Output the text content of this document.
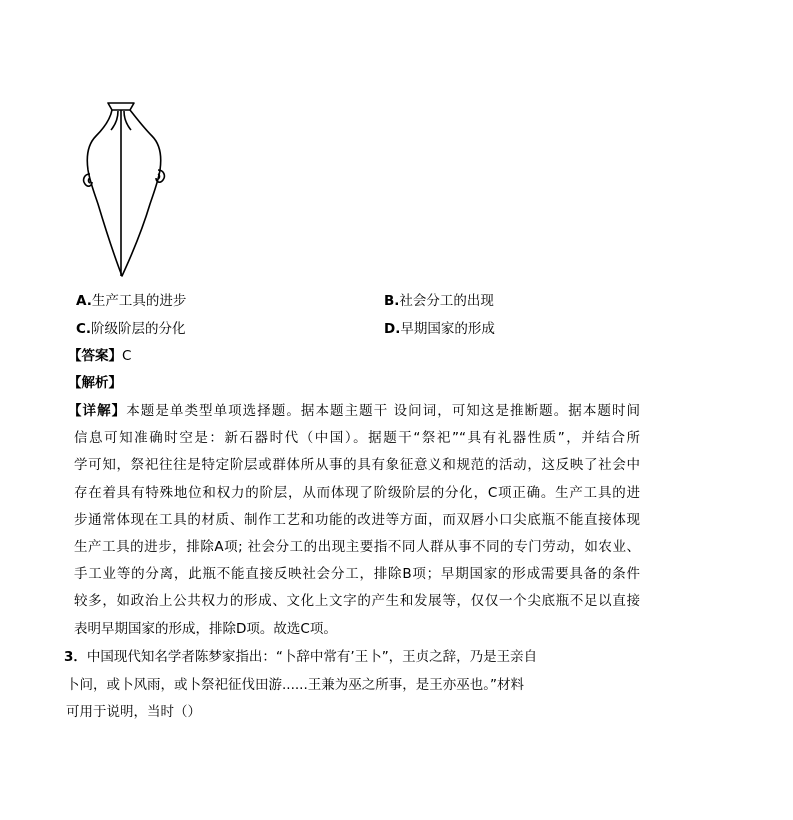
A.生产工具的进步	B.社会分工的出现
C.阶级阶层的分化	D.早期国家的形成
【答案】C
【解析】
【详解】本题是单类型单项选择题。据本题主题干 设问词，可知这是推断题。据本题时间
信息可知准确时空是：新石器时代（中国）。据题干“祭祀”“具有礼器性质”，并结合所
学可知，祭祀往往是特定阶层或群体所从事的具有象征意义和规范的活动，这反映了社会中
存在着具有特殊地位和权力的阶层，从而体现了阶级阶层的分化，C项正确。生产工具的进
步通常体现在工具的材质、制作工艺和功能的改进等方面，而双唇小口尖底瓶不能直接体现
生产工具的进步，排除A项; 社会分工的出现主要指不同人群从事不同的专门劳动，如农业、
手工业等的分离，此瓶不能直接反映社会分工，排除B项；早期国家的形成需要具备的条件
较多，如政治上公共权力的形成、文化上文字的产生和发展等，仅仅一个尖底瓶不足以直接
表明早期国家的形成，排除D项。故选C项。
3．中国现代知名学者陈梦家指出：“卜辞中常有’王卜”，王贞之辞，乃是王亲自
卜问，或卜风雨，或卜祭祀征伐田游......王兼为巫之所事，是王亦巫也。”材料
可用于说明，当时（）
